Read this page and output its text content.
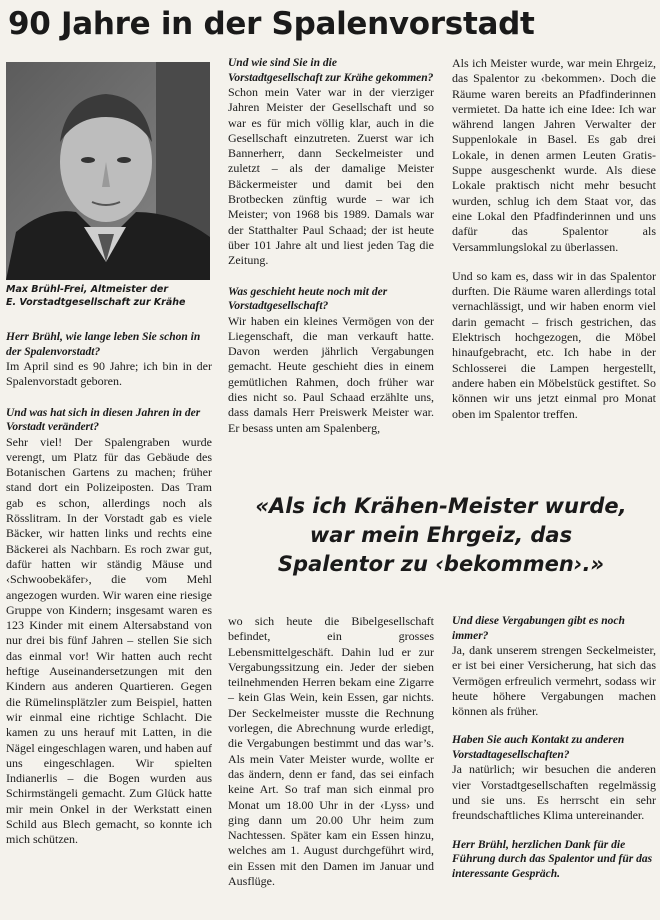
90 Jahre in der Spalenvorstadt
Max Brühl-Frei, Altmeister der
E. Vorstadtgesellschaft zur Krähe

Herr Brühl, wie lange leben Sie schon in der Spalenvorstadt?

Im April sind es 90 Jahre; ich bin in der Spalenvorstadt geboren.

Und was hat sich in diesen Jahren in der Vorstadt verändert?

Sehr viel! Der Spalengraben wurde verengt, um Platz für das Gebäude des Botanischen Gartens zu machen; früher stand dort ein Polizeiposten. Das Tram gab es schon, allerdings noch als Rösslitram. In der Vorstadt gab es viele Bäcker, wir hatten links und rechts eine Bäckerei als Nachbarn. Es roch zwar gut, dafür hatten wir ständig Mäuse und ‹Schwoobekäfer›, die vom Mehl angezogen wurden. Wir waren eine riesige Gruppe von Kindern; insgesamt waren es 123 Kinder mit einem Altersabstand von nur drei bis fünf Jahren – stellen Sie sich das einmal vor! Wir hatten auch recht heftige Auseinandersetzungen mit den Kindern aus anderen Quartieren. Gegen die Rümelinsplätzler zum Beispiel, hatten wir einmal eine richtige Schlacht. Die kamen zu uns herauf mit Latten, in die Nägel eingeschlagen waren, und haben auf uns eingeschlagen. Wir spielten Indianerlis – die Bogen wurden aus Schirmstängeli gemacht. Zum Glück hatte mir mein Onkel in der Werkstatt einen Schild aus Blech gemacht, so konnte ich mich schützen.

Und wie sind Sie in die Vorstadtgesellschaft zur Krähe gekommen?

Schon mein Vater war in der vierziger Jahren Meister der Gesellschaft und so war es für mich völlig klar, auch in die Gesellschaft einzutreten. Zuerst war ich Bannerherr, dann Seckelmeister und zuletzt – als der damalige Meister Bäckermeister und damit bei den Brotbecken zünftig wurde – war ich Meister; von 1968 bis 1989. Damals war der Statthalter Paul Schaad; der ist heute über 101 Jahre alt und liest jeden Tag die Zeitung.

Was geschieht heute noch mit der Vorstadtgesellschaft?

Wir haben ein kleines Vermögen von der Liegenschaft, die man verkauft hatte. Davon werden jährlich Vergabungen gemacht. Heute geschieht dies in einem gemütlichen Rahmen, doch früher war dies nicht so. Paul Schaad erzählte uns, dass damals Herr Preiswerk Meister war. Er besass unten am Spalenberg,

Als ich Meister wurde, war mein Ehrgeiz, das Spalentor zu ‹bekommen›. Doch die Räume waren bereits an Pfadfinderinnen vermietet. Da hatte ich eine Idee: Ich war während langen Jahren Verwalter der Suppenlokale in Basel. Es gab drei Lokale, in denen armen Leuten Gratis-Suppe ausgeschenkt wurde. Als diese Lokale praktisch nicht mehr besucht wurden, schlug ich dem Staat vor, das eine Lokal den Pfadfinderinnen und uns dafür das Spalentor als Versammlungslokal zu überlassen.

Und so kam es, dass wir in das Spalentor durften. Die Räume waren allerdings total vernachlässigt, und wir haben enorm viel darin gemacht – frisch gestrichen, das Elektrisch hochgezogen, die Möbel hinaufgebracht, etc. Ich habe in der Schlosserei die Lampen hergestellt, andere haben ein Möbelstück gestiftet. So können wir uns jetzt einmal pro Monat oben im Spalentor treffen.

«Als ich Krähen-Meister wurde,
war mein Ehrgeiz, das
Spalentor zu ‹bekommen›.»

wo sich heute die Bibelgesellschaft befindet, ein grosses Lebensmittelgeschäft. Dahin lud er zur Vergabungssitzung ein. Jeder der sieben teilnehmenden Herren bekam eine Zigarre – kein Glas Wein, kein Essen, gar nichts. Der Seckelmeister musste die Rechnung vorlegen, die Abrechnung wurde erledigt, die Vergabungen bestimmt und das war’s. Als mein Vater Meister wurde, wollte er das ändern, denn er fand, das sei einfach keine Art. So traf man sich einmal pro Monat um 18.00 Uhr in der ‹Lyss› und ging dann um 20.00 Uhr heim zum Nachtessen. Später kam ein Essen hinzu, welches am 1. August durchgeführt wird, ein Essen mit den Damen im Januar und Ausflüge.

Und diese Vergabungen gibt es noch immer?

Ja, dank unserem strengen Seckelmeister, er ist bei einer Versicherung, hat sich das Vermögen erfreulich vermehrt, sodass wir heute höhere Vergabungen machen können als früher.

Haben Sie auch Kontakt zu anderen Vorstadtagesellschaften?

Ja natürlich; wir besuchen die anderen vier Vorstadtgesellschaften regelmässig und sie uns. Es herrscht ein sehr freundschaftliches Klima untereinander.

Herr Brühl, herzlichen Dank für die Führung durch das Spalentor und für das interessante Gespräch.
